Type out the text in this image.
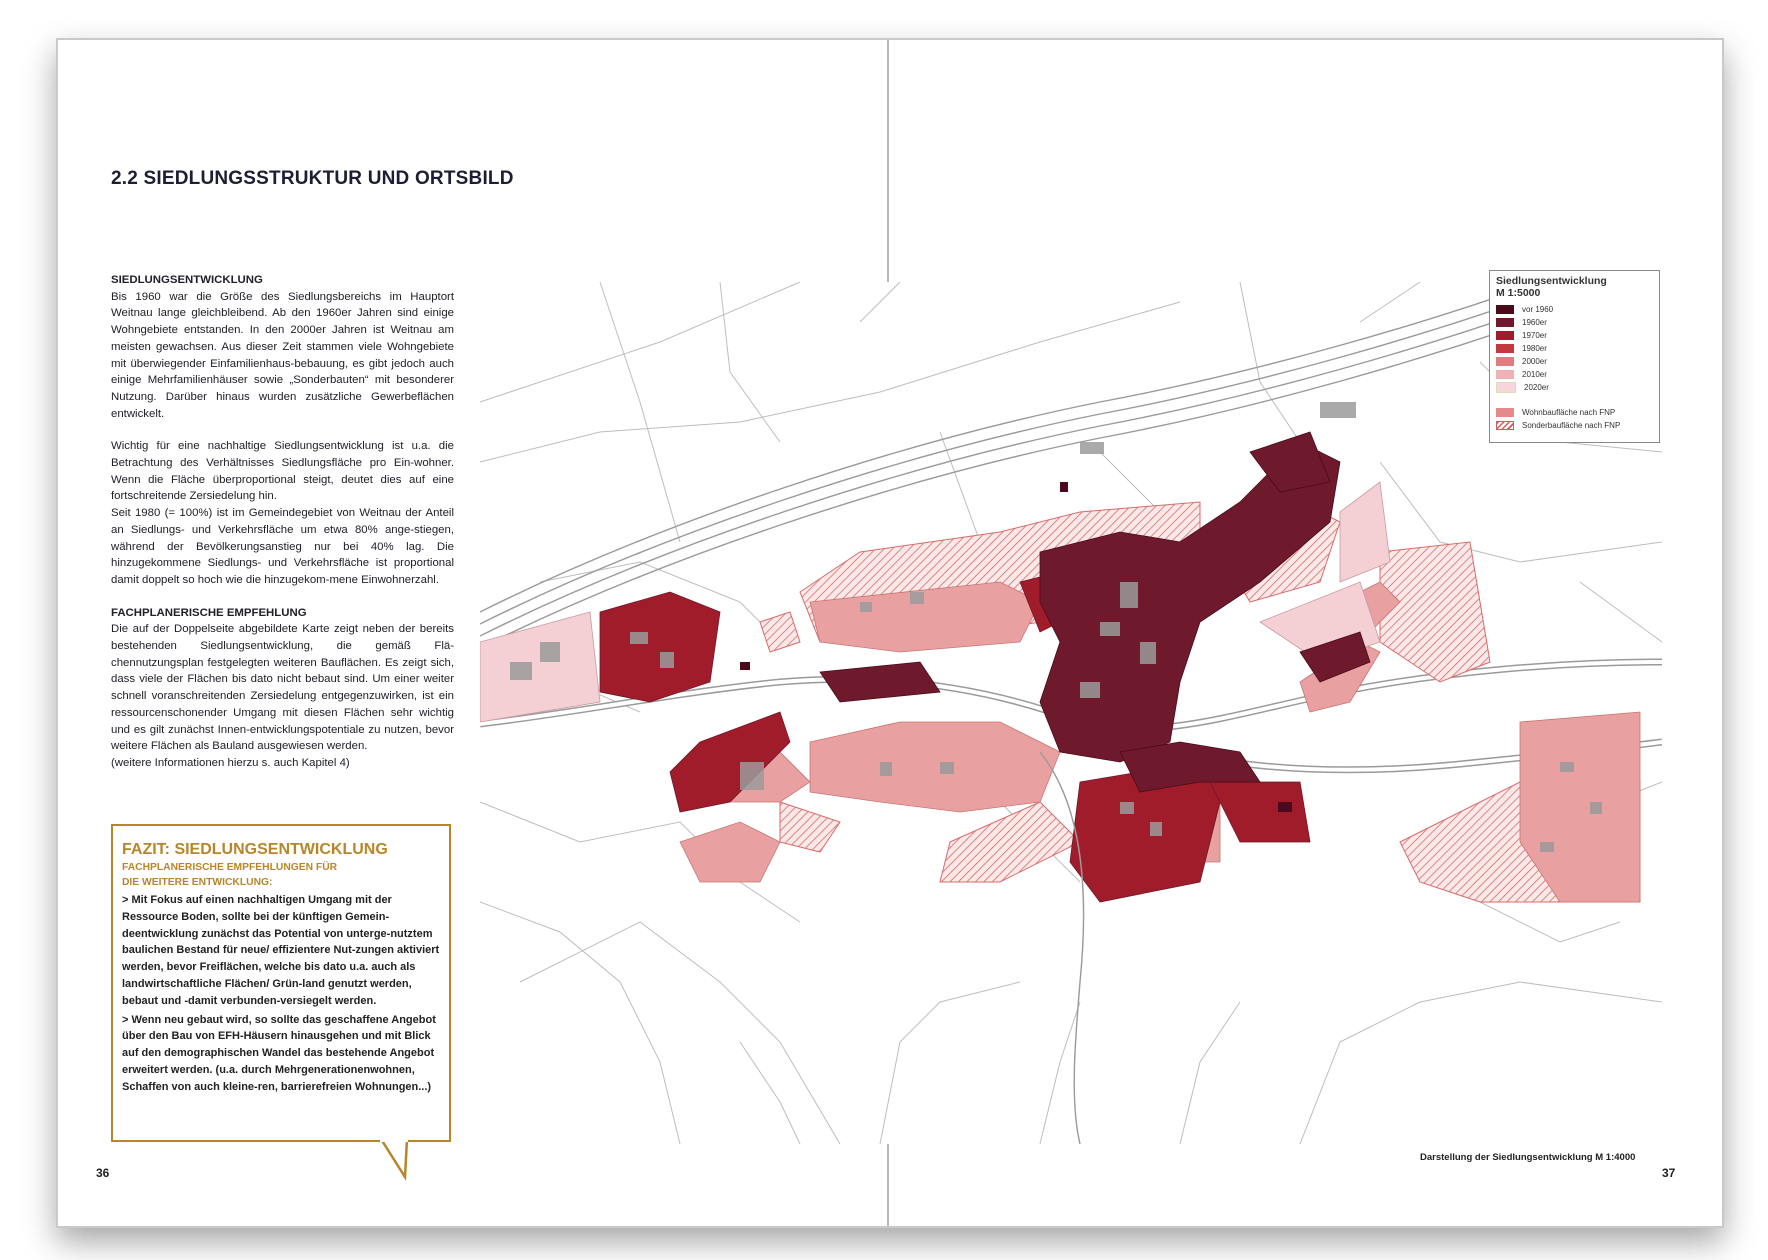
2.2 SIEDLUNGSSTRUKTUR UND ORTSBILD
SIEDLUNGSENTWICKLUNG

Bis 1960 war die Größe des Siedlungsbereichs im Hauptort Weitnau lange gleichbleibend. Ab den 1960er Jahren sind einige Wohngebiete entstanden. In den 2000er Jahren ist Weitnau am meisten gewachsen. Aus dieser Zeit stammen viele Wohngebiete mit überwiegender Einfamilienhaus-bebauung, es gibt jedoch auch einige Mehrfamilienhäuser sowie „Sonderbauten“ mit besonderer Nutzung. Darüber hinaus wurden zusätzliche Gewerbeflächen entwickelt.

Wichtig für eine nachhaltige Siedlungsentwicklung ist u.a. die Betrachtung des Verhältnisses Siedlungsfläche pro Ein-wohner. Wenn die Fläche überproportional steigt, deutet dies auf eine fortschreitende Zersiedelung hin.

Seit 1980 (= 100%) ist im Gemeindegebiet von Weitnau der Anteil an Siedlungs- und Verkehrsfläche um etwa 80% ange-stiegen, während der Bevölkerungsanstieg nur bei 40% lag. Die hinzugekommene Siedlungs- und Verkehrsfläche ist proportional damit doppelt so hoch wie die hinzugekom-mene Einwohnerzahl.

FACHPLANERISCHE EMPFEHLUNG

Die auf der Doppelseite abgebildete Karte zeigt neben der bereits bestehenden Siedlungsentwicklung, die gemäß Flä-chennutzungsplan festgelegten weiteren Bauflächen. Es zeigt sich, dass viele der Flächen bis dato nicht bebaut sind. Um einer weiter schnell voranschreitenden Zersiedelung entgegenzuwirken, ist ein ressourcenschonender Umgang mit diesen Flächen sehr wichtig und es gilt zunächst Innen-entwicklungspotentiale zu nutzen, bevor weitere Flächen als Bauland ausgewiesen werden.

(weitere Informationen hierzu s. auch Kapitel 4)

FAZIT: SIEDLUNGSENTWICKLUNG
FACHPLANERISCHE EMPFEHLUNGEN FÜR
DIE WEITERE ENTWICKLUNG:
> Mit Fokus auf einen nachhaltigen Umgang mit der Ressource Boden, sollte bei der künftigen Gemein-deentwicklung zunächst das Potential von unterge-nutztem baulichen Bestand für neue/ effizientere Nut-zungen aktiviert werden, bevor Freiflächen, welche bis dato u.a. auch als landwirtschaftliche Flächen/ Grün-land genutzt werden, bebaut und -damit verbunden-versiegelt werden.
> Wenn neu gebaut wird, so sollte das geschaffene Angebot über den Bau von EFH-Häusern hinausgehen und mit Blick auf den demographischen Wandel das bestehende Angebot erweitert werden. (u.a. durch Mehrgenerationenwohnen, Schaffen von auch kleine-ren, barrierefreien Wohnungen...)
36	37
Siedlungsentwicklung
M 1:5000
vor 1960
1960er
1970er
1980er
2000er
2010er
2020er
Wohnbaufläche nach FNP
Sonderbaufläche nach FNP
Darstellung der Siedlungsentwicklung M 1:4000
